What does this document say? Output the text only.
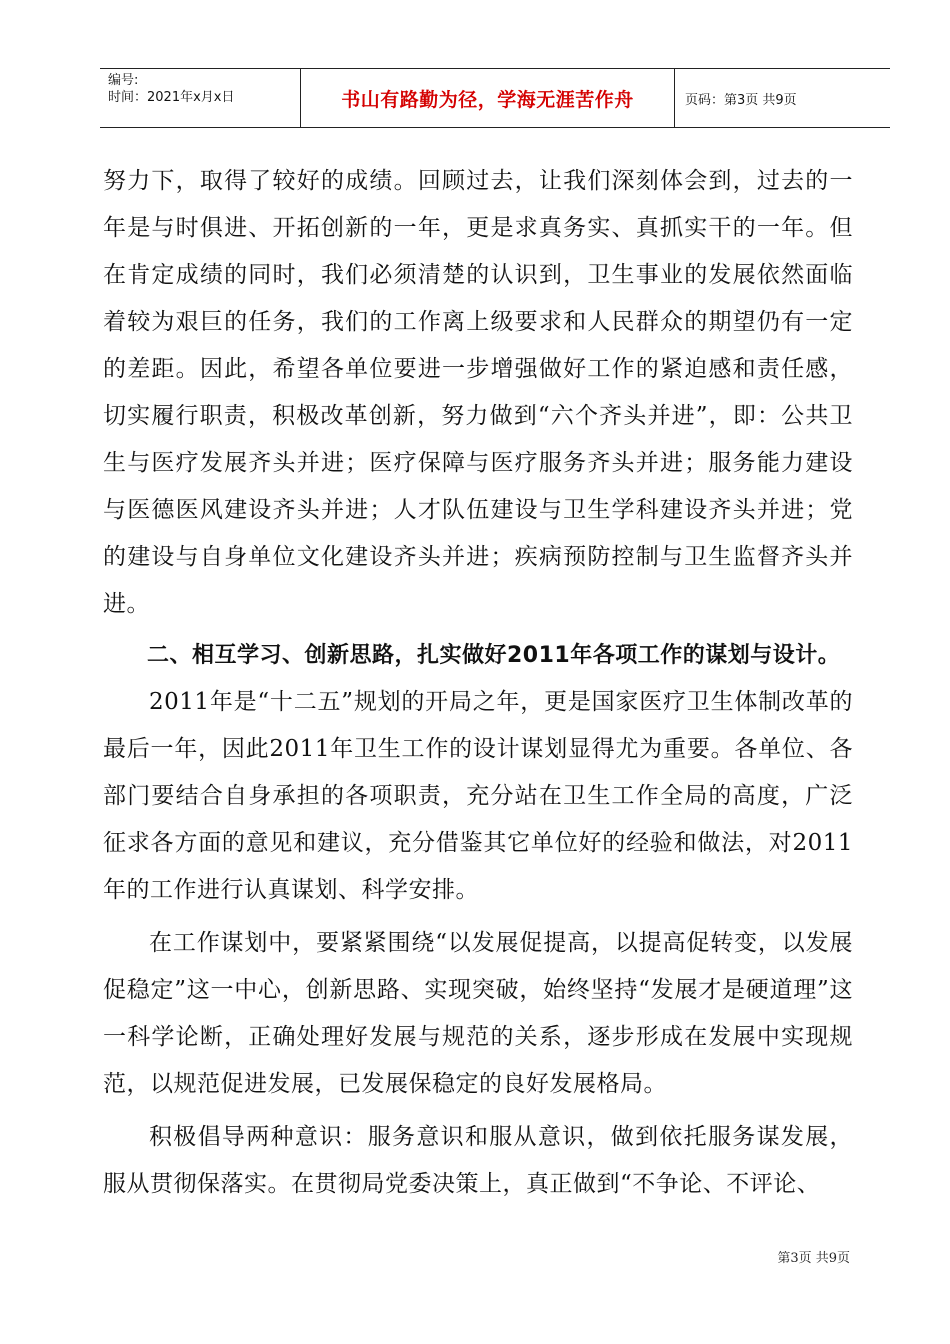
编号:
时间：2021年x月x日	书山有路勤为径，学海无涯苦作舟	页码：第3页 共9页

努力下，取得了较好的成绩。回顾过去，让我们深刻体会到，过去的一年是与时俱进、开拓创新的一年，更是求真务实、真抓实干的一年。但在肯定成绩的同时，我们必须清楚的认识到，卫生事业的发展依然面临着较为艰巨的任务，我们的工作离上级要求和人民群众的期望仍有一定的差距。因此，希望各单位要进一步增强做好工作的紧迫感和责任感，切实履行职责，积极改革创新，努力做到“六个齐头并进”，即：公共卫生与医疗发展齐头并进；医疗保障与医疗服务齐头并进；服务能力建设与医德医风建设齐头并进；人才队伍建设与卫生学科建设齐头并进；党的建设与自身单位文化建设齐头并进；疾病预防控制与卫生监督齐头并进。

二、相互学习、创新思路，扎实做好2011年各项工作的谋划与设计。

2011年是“十二五”规划的开局之年，更是国家医疗卫生体制改革的最后一年，因此2011年卫生工作的设计谋划显得尤为重要。各单位、各部门要结合自身承担的各项职责，充分站在卫生工作全局的高度，广泛征求各方面的意见和建议，充分借鉴其它单位好的经验和做法，对2011年的工作进行认真谋划、科学安排。

在工作谋划中，要紧紧围绕“以发展促提高，以提高促转变，以发展促稳定”这一中心，创新思路、实现突破，始终坚持“发展才是硬道理”这一科学论断，正确处理好发展与规范的关系，逐步形成在发展中实现规范，以规范促进发展，已发展保稳定的良好发展格局。

积极倡导两种意识：服务意识和服从意识，做到依托服务谋发展，服从贯彻保落实。在贯彻局党委决策上，真正做到“不争论、不评论、

第3页 共9页
